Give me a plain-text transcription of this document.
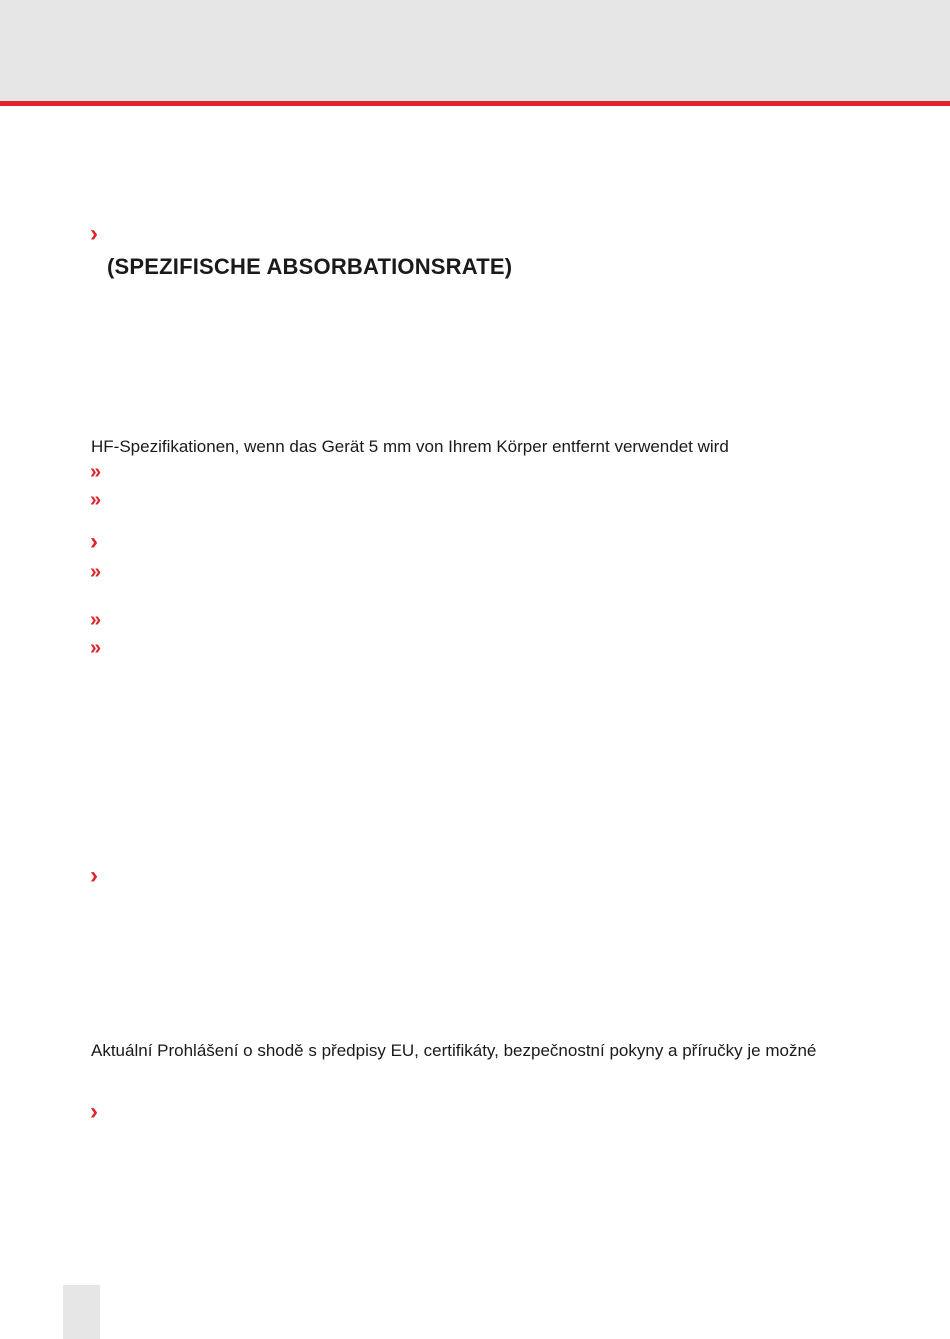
›
(SPEZIFISCHE ABSORBATIONSRATE)
HF-Spezifikationen, wenn das Gerät 5 mm von Ihrem Körper entfernt verwendet wird
»
»
›
»
»
»
›
Aktuální Prohlášení o shodě s předpisy EU, certifikáty, bezpečnostní pokyny a příručky je možné
›
